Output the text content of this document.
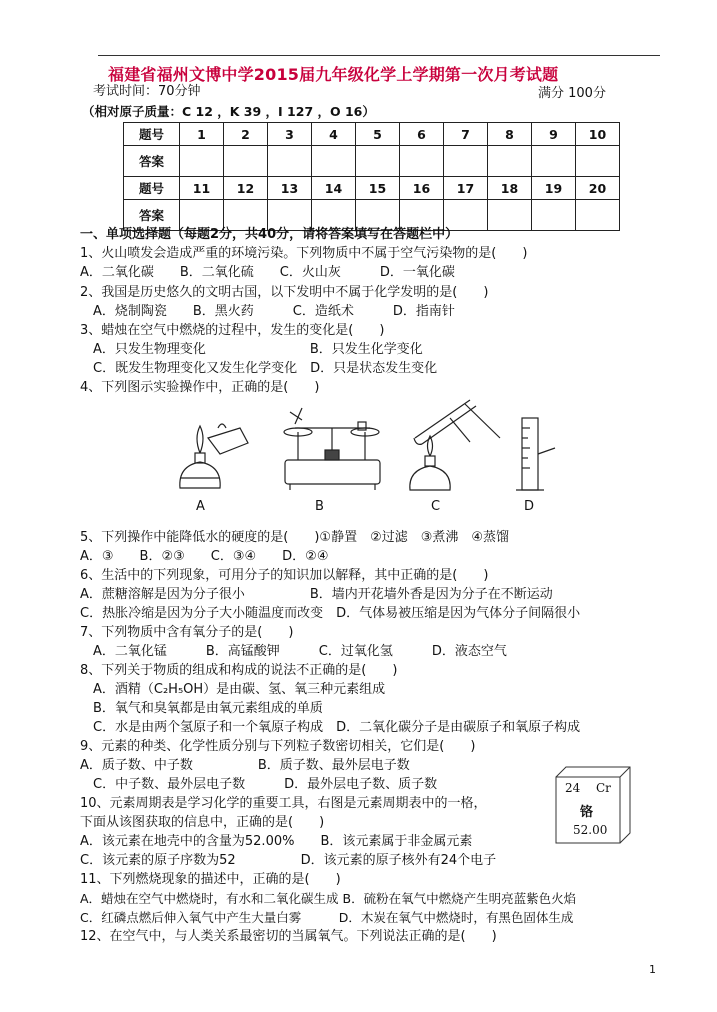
福建省福州文博中学2015届九年级化学上学期第一次月考试题
考试时间：70分钟	满分 100分
（相对原子质量：C 12 ，K 39 ，I 127 ，O 16）
题号	1	2	3	4	5	6	7	8	9	10
答案										
题号	11	12	13	14	15	16	17	18	19	20
答案										
一、单项选择题（每题2分，共40分，请将答案填写在答题栏中）
1、火山喷发会造成严重的环境污染。下列物质中不属于空气污染物的是(　　)
A．二氧化碳　　B．二氧化硫　　C．火山灰　　　D．一氧化碳
2、我国是历史悠久的文明古国，以下发明中不属于化学发明的是(　　)
　A．烧制陶瓷　　B．黑火药　　　C．造纸术　　　D．指南针
3、蜡烛在空气中燃烧的过程中，发生的变化是(　　)
　A．只发生物理变化　　　　　　　　B．只发生化学变化
　C．既发生物理变化又发生化学变化　D．只是状态发生变化
4、下列图示实验操作中，正确的是(　　)
A	B	C	D
5、下列操作中能降低水的硬度的是(　　)①静置　②过滤　③煮沸　④蒸馏
A．③　　B．②③　　C．③④　　D．②④
6、生活中的下列现象，可用分子的知识加以解释，其中正确的是(　　)
A．蔗糖溶解是因为分子很小　　　　　B．墙内开花墙外香是因为分子在不断运动
C．热胀冷缩是因为分子大小随温度而改变　D．气体易被压缩是因为气体分子间隔很小
7、下列物质中含有氧分子的是(　　)
　A．二氧化锰　　　B．高锰酸钾　　　C．过氧化氢　　　D．液态空气
8、下列关于物质的组成和构成的说法不正确的是(　　)
　A．酒精（C₂H₅OH）是由碳、氢、氧三种元素组成
　B．氧气和臭氧都是由氧元素组成的单质
　C．水是由两个氢原子和一个氧原子构成　D．二氧化碳分子是由碳原子和氧原子构成
9、元素的种类、化学性质分别与下列粒子数密切相关，它们是(　　)
A．质子数、中子数　　　　　B．质子数、最外层电子数
　C．中子数、最外层电子数　　　D．最外层电子数、质子数
10、元素周期表是学习化学的重要工具，右图是元素周期表中的一格，
下面从该图获取的信息中，正确的是(　　)
A．该元素在地壳中的含量为52.00%　　B．该元素属于非金属元素
C．该元素的原子序数为52　　　　　D．该元素的原子核外有24个电子
11、下列燃烧现象的描述中，正确的是(　　)
A．蜡烛在空气中燃烧时，有水和二氧化碳生成 B．硫粉在氧气中燃烧产生明亮蓝紫色火焰
C．红磷点燃后伸入氧气中产生大量白雾　　　D．木炭在氧气中燃烧时，有黑色固体生成
12、在空气中，与人类关系最密切的当属氧气。下列说法正确的是(　　)
24 Cr
铬
52.00
1
